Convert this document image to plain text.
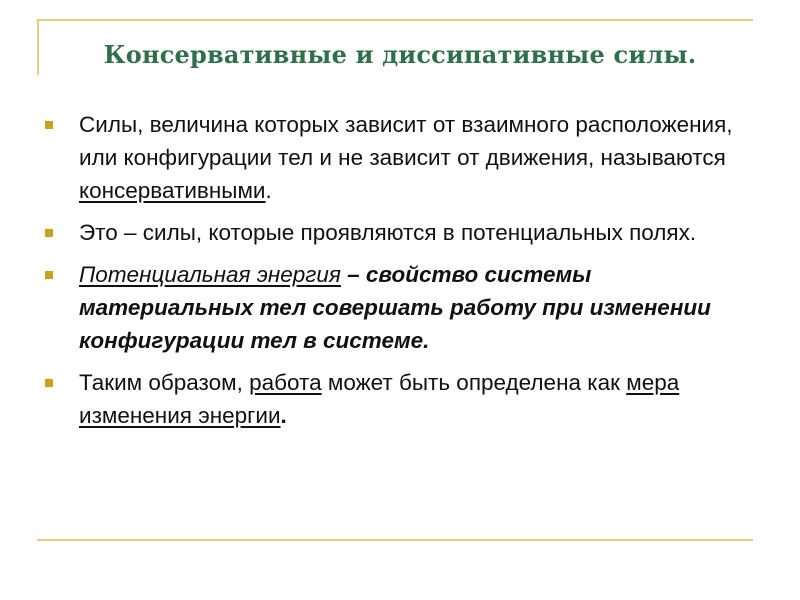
Консервативные и диссипативные силы.

Силы, величина которых зависит от взаимного расположения, или конфигурации тел и не зависит от движения, называются консервативными.

Это – силы, которые проявляются в потенциальных полях.

Потенциальная энергия – свойство системы материальных тел совершать работу при изменении конфигурации тел в системе.

Таким образом, работа может быть определена как мера изменения энергии.
